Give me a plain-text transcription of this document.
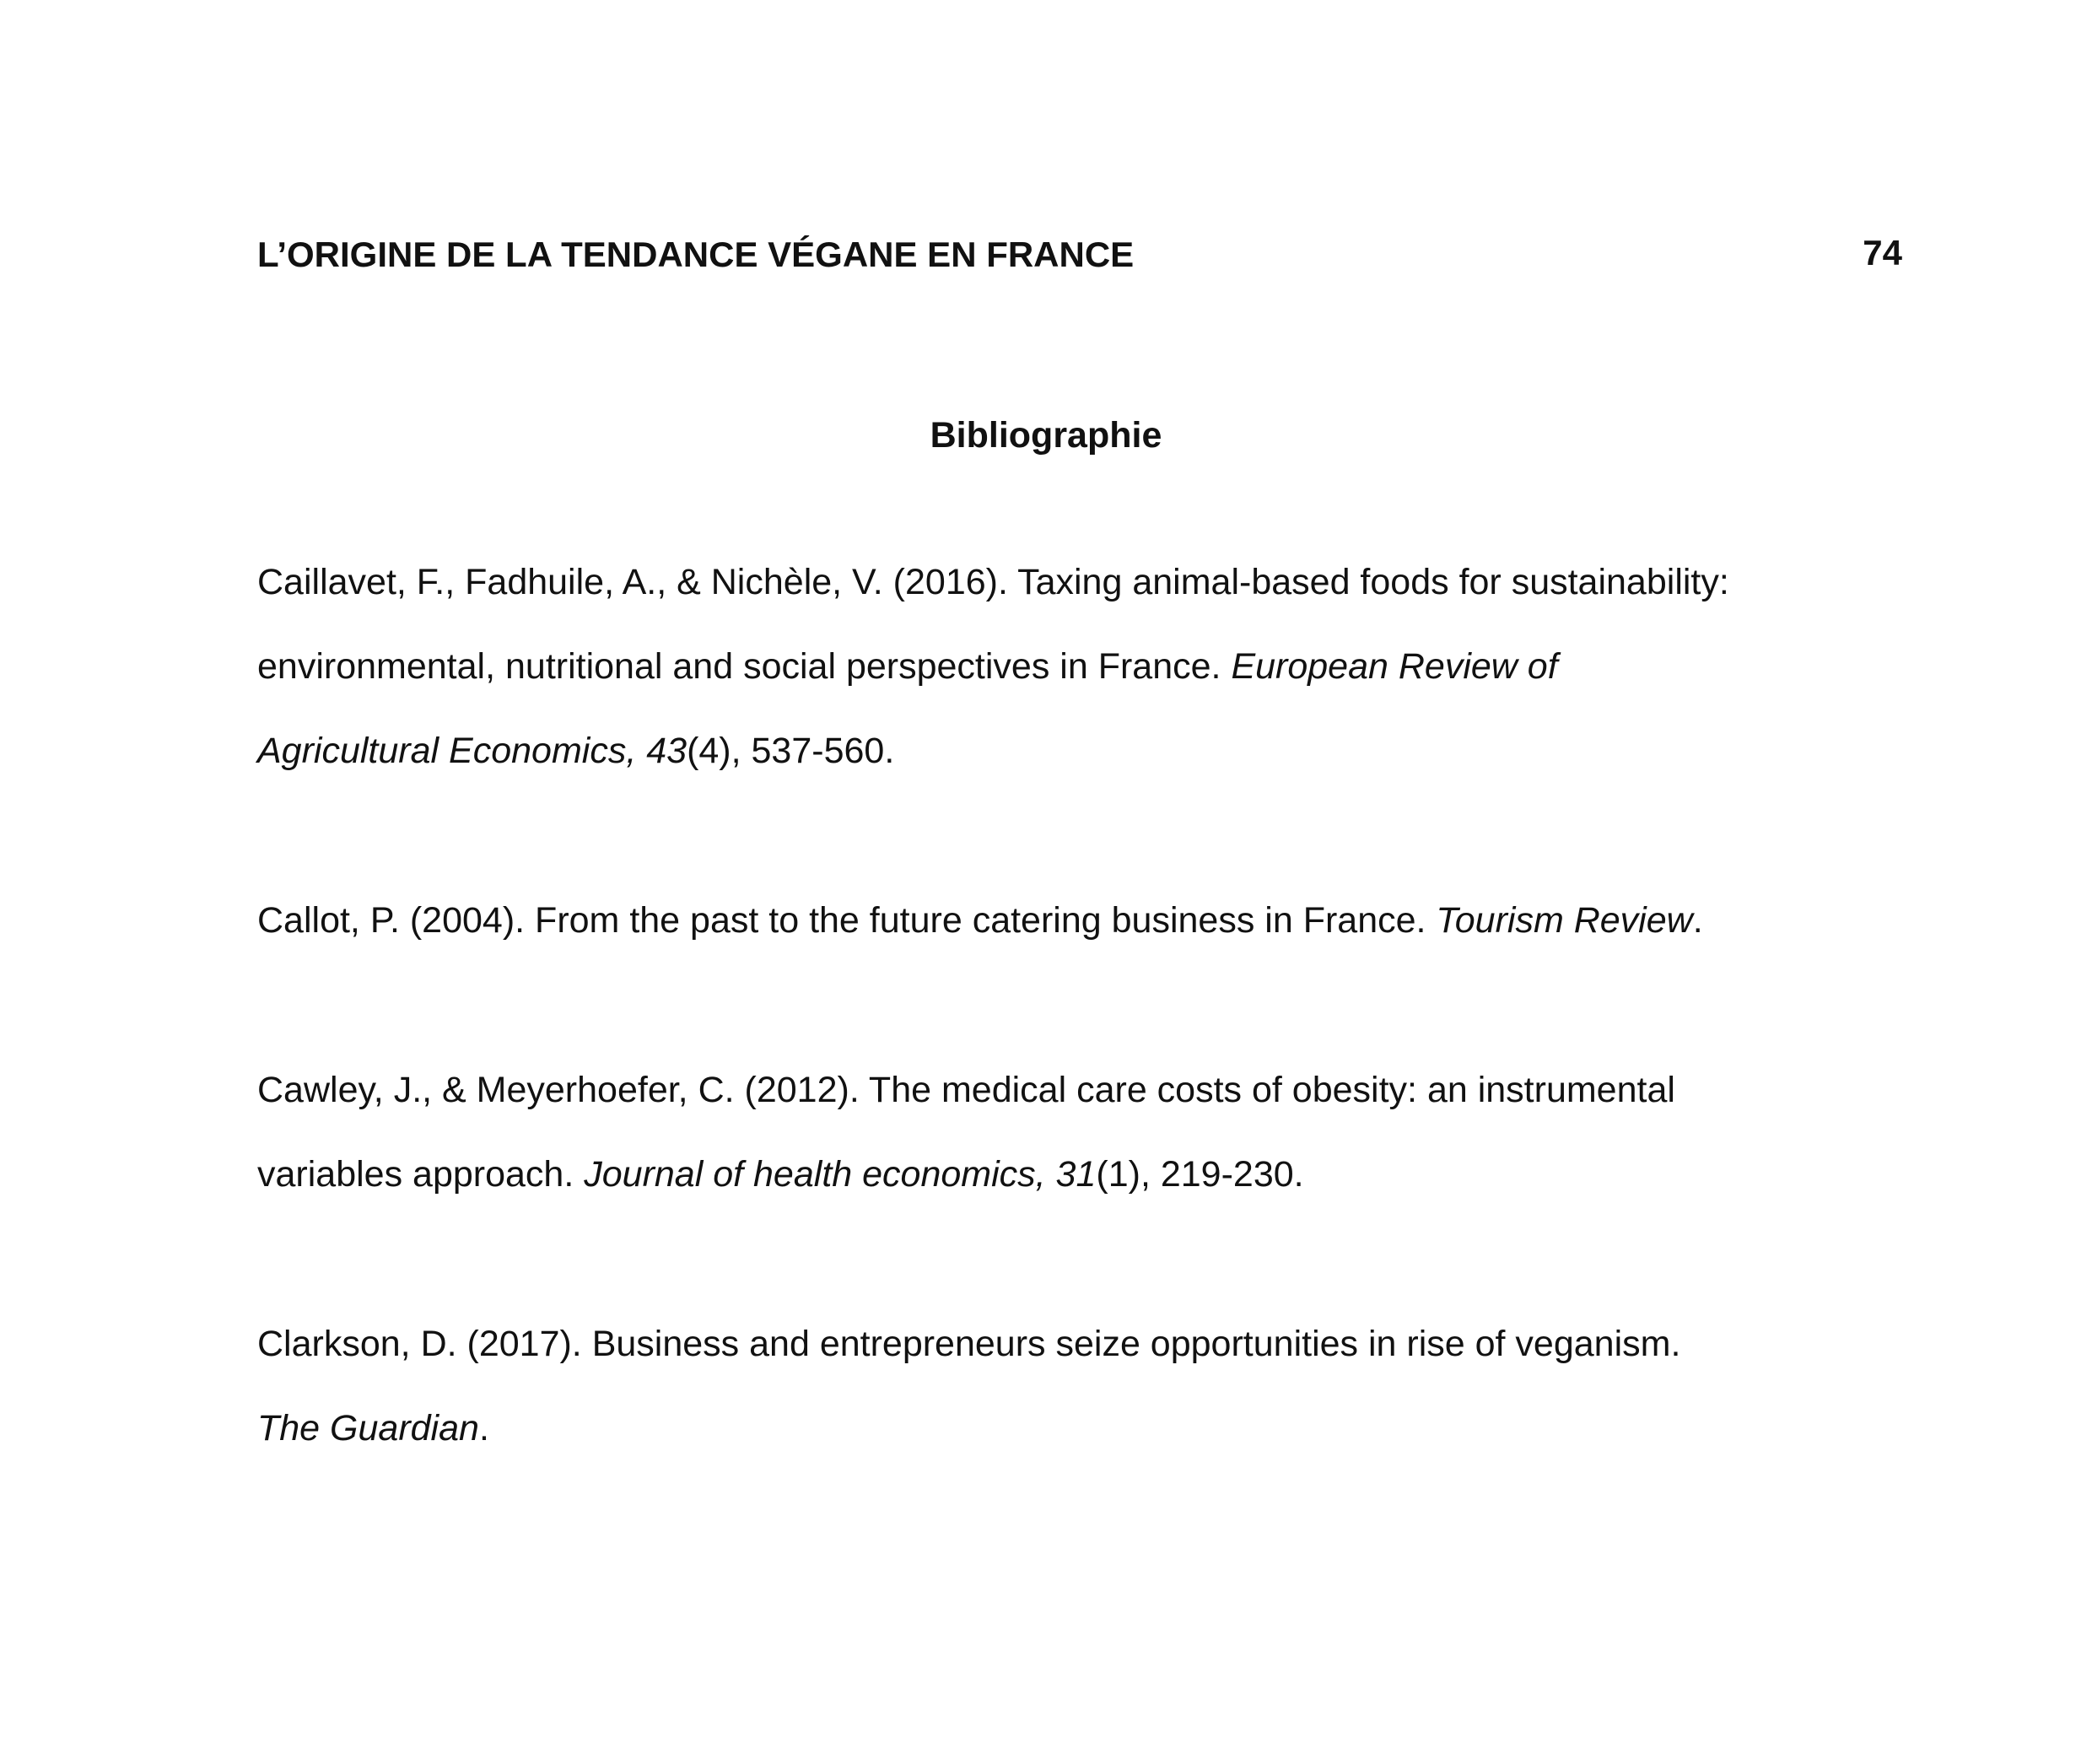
L’ORIGINE DE LA TENDANCE VÉGANE EN FRANCE	74
Bibliographie
Caillavet, F., Fadhuile, A., & Nichèle, V. (2016). Taxing animal-based foods for sustainability:
environmental, nutritional and social perspectives in France. European Review of
Agricultural Economics, 43(4), 537-560.
Callot, P. (2004). From the past to the future catering business in France. Tourism Review.
Cawley, J., & Meyerhoefer, C. (2012). The medical care costs of obesity: an instrumental
variables approach. Journal of health economics, 31(1), 219-230.
Clarkson, D. (2017). Business and entrepreneurs seize opportunities in rise of veganism.
The Guardian.
